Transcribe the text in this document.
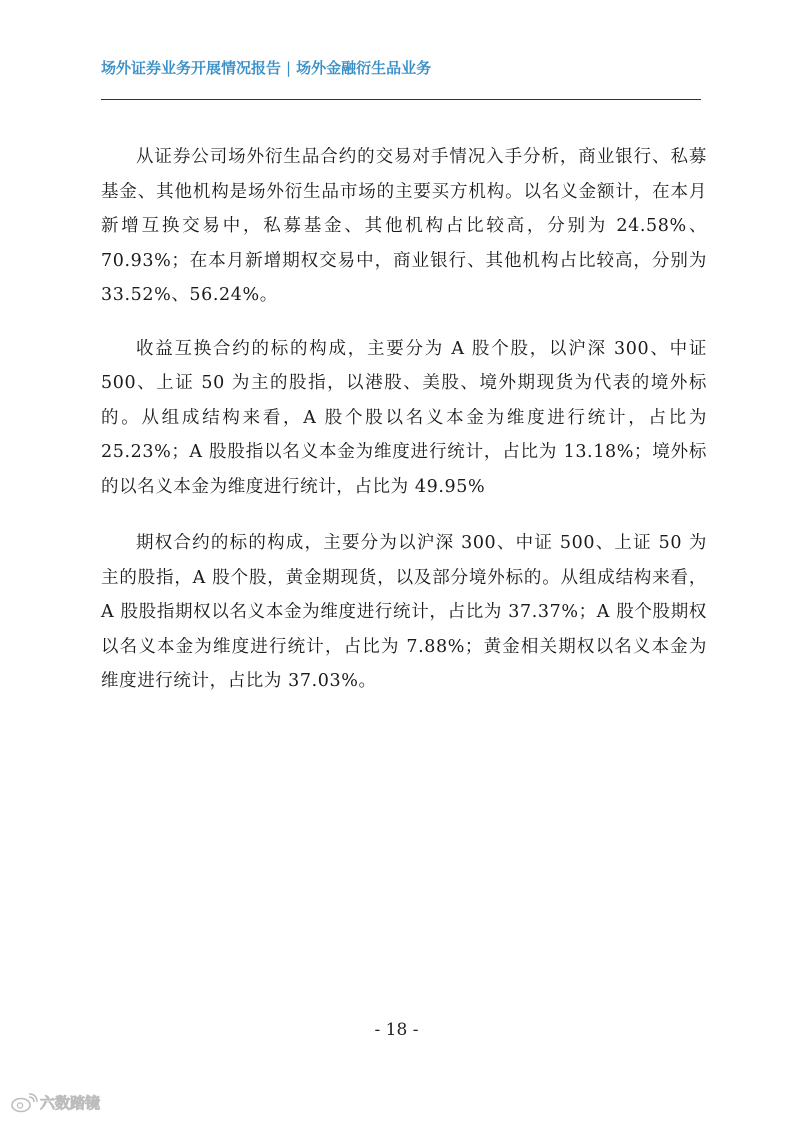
场外证券业务开展情况报告 | 场外金融衍生品业务

从证券公司场外衍生品合约的交易对手情况入手分析，商业银行、私募基金、其他机构是场外衍生品市场的主要买方机构。以名义金额计，在本月新增互换交易中，私募基金、其他机构占比较高，分别为 24.58%、70.93%；在本月新增期权交易中，商业银行、其他机构占比较高，分别为 33.52%、56.24%。

收益互换合约的标的构成，主要分为 A 股个股，以沪深 300、中证 500、上证 50 为主的股指，以港股、美股、境外期现货为代表的境外标的。从组成结构来看，A 股个股以名义本金为维度进行统计，占比为 25.23%；A 股股指以名义本金为维度进行统计，占比为 13.18%；境外标的以名义本金为维度进行统计，占比为 49.95%

期权合约的标的构成，主要分为以沪深 300、中证 500、上证 50 为主的股指，A 股个股，黄金期现货，以及部分境外标的。从组成结构来看，A 股股指期权以名义本金为维度进行统计，占比为 37.37%；A 股个股期权以名义本金为维度进行统计，占比为 7.88%；黄金相关期权以名义本金为维度进行统计，占比为 37.03%。

- 18 -
六数踏镜
